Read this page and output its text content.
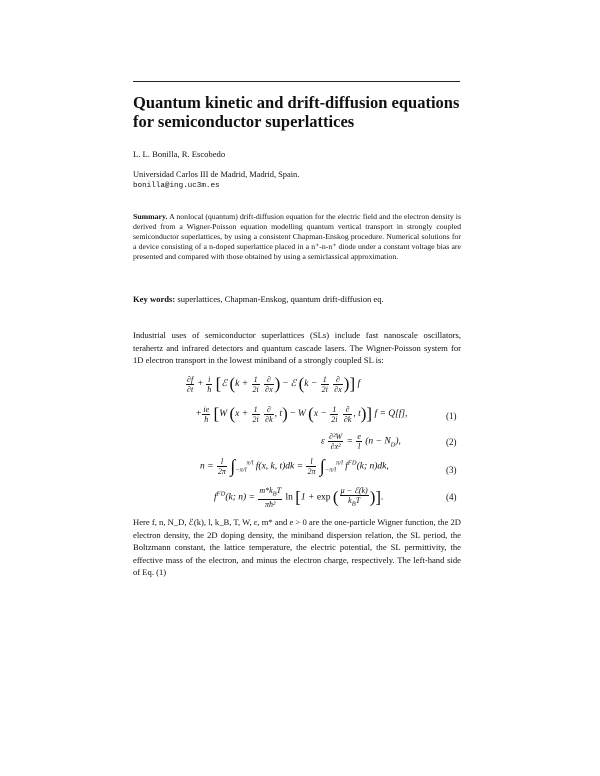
Quantum kinetic and drift-diffusion equations for semiconductor superlattices
L. L. Bonilla, R. Escobedo
Universidad Carlos III de Madrid, Madrid, Spain.
bonilla@ing.uc3m.es
Summary. A nonlocal (quantum) drift-diffusion equation for the electric field and the electron density is derived from a Wigner-Poisson equation modelling quantum vertical transport in strongly coupled semiconductor superlattices, by using a consistent Chapman-Enskog procedure. Numerical solutions for a device consisting of a n-doped superlattice placed in a n⁺-n-n⁺ diode under a constant voltage bias are presented and compared with those obtained by using a semiclassical approximation.
Key words: superlattices, Chapman-Enskog, quantum drift-diffusion eq.
Industrial uses of semiconductor superlattices (SLs) include fast nanoscale oscillators, terahertz and infrared detectors and quantum cascade lasers. The Wigner-Poisson system for 1D electron transport in the lowest miniband of a strongly coupled SL is:
$\frac{\partial f}{\partial t} + \frac{i}{ħ}$ [ℰ ($k + \frac{1}{2i}$
$\frac{\partial}{\partial x}$ ) − ℰ ($k - \frac{1}{2i}$
$\frac{\partial}{\partial x}$ )] f
+ $\frac{ie}{ħ} [W$ ($x + \frac{1}{2i}$
$\frac{\partial}{\partial k}$ , t) − W ($x - \frac{1}{2i}$
$\frac{\partial}{\partial k}$ , t)] f = Q[f],	(1)
ε $\frac{\text{∂²W}}{\text{∂x²}} = \frac{e}{l} (n - N_D)$,	(2)
$n = \frac{l}{2\pi} \int_{-\pi/l}^{\pi/l}$ f(x, k, $t)dk = \frac{l}{2\pi} \int_{-\pi/l}^{\pi/l}$ $f^{FD}(k$; n)dk,	(3)
$f^{FD}(k$; $n) = \frac{m*k_BT}{\text{πħ²}}$ ln [1 + exp ( $\frac{\text{μ − ℰ(k)}}{k_BT}$ )].	(4)
Here f, n, N_D, ℰ(k), l, k_B, T, W, ε, m* and e > 0 are the one-particle Wigner function, the 2D electron density, the 2D doping density, the miniband dispersion relation, the SL period, the Boltzmann constant, the lattice temperature, the electric potential, the SL permittivity, the effective mass of the electron, and minus the electron charge, respectively. The left-hand side of Eq. (1)
